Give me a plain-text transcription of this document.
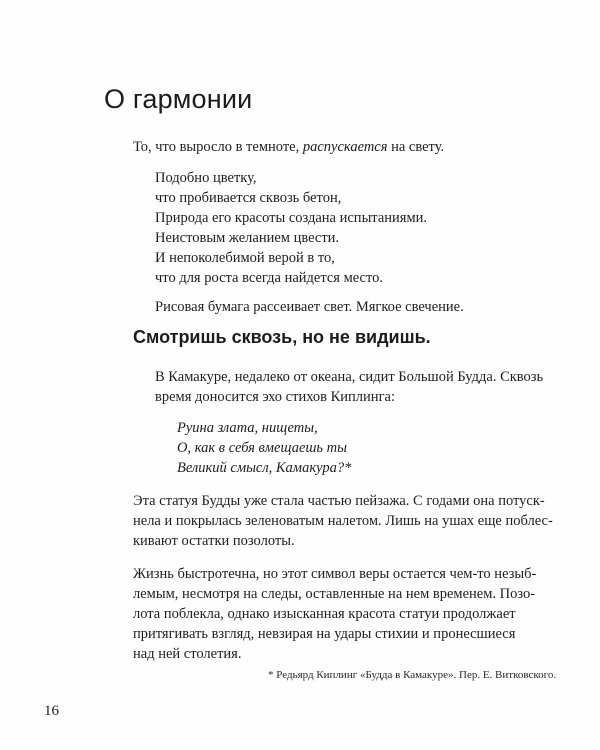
О гармонии
То, что выросло в темноте, распускается на свету.
Подобно цветку,
что пробивается сквозь бетон,
Природа его красоты создана испытаниями.
Неистовым желанием цвести.
И непоколебимой верой в то,
что для роста всегда найдется место.
Рисовая бумага рассеивает свет. Мягкое свечение.
Смотришь сквозь, но не видишь.
В Камакуре, недалеко от океана, сидит Большой Будда. Сквозь
время доносится эхо стихов Киплинга:
Руина злата, нищеты,
О, как в себя вмещаешь ты
Великий смысл, Камакура?*
Эта статуя Будды уже стала частью пейзажа. С годами она потуск-
нела и покрылась зеленоватым налетом. Лишь на ушах еще поблес-
кивают остатки позолоты.
Жизнь быстротечна, но этот символ веры остается чем-то незыб-
лемым, несмотря на следы, оставленные на нем временем. Позо-
лота поблекла, однако изысканная красота статуи продолжает
притягивать взгляд, невзирая на удары стихии и пронесшиеся
над ней столетия.
* Редьярд Киплинг «Будда в Камакуре». Пер. Е. Витковского.
16
